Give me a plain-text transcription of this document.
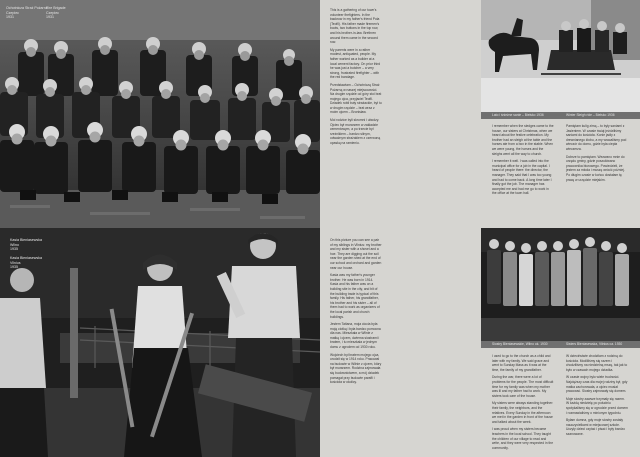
Ochotnicza Straż Pożarna
Czepiec
1931
Fire Brigade
Czepiec
1931
Kasia Bieniasewska
Wilno
1935
Kasia Bieniasewska
Vilnius
1935

This is a gathering of our town's volunteer firefighters. In the backrow in my father's friend Pola (Teofil). His father made firemen's boots, two buttons in the top row, and his brother-in-law. Brethren around them came in the second row.

My parents were in a rather modest, antiquated, people. My father worked as a builder at a local cement factory. On prior third he was just a butcher – a very strong, frustrated firefighter – with the red bandage.

Przedstawiam – Ochotniczą Straż Pożarną w naszej miejscowości. Na drugim rzędzie od góry stoi brat mojego ojca, przyjaciel Teofil. Dziadek robił buty strażackie, był tu w drugim rzędzie – brat wraz z moim ojcem – Bronisław.

Moi rodzice byli skromni i ubodzy. Ojciec był murarzem w zakładzie cementowym, a po trzecie był rzeźnikiem – bardzo silnym, odważnym strażakiem z czerwoną opaską na ramieniu.

On this picture you can see a pair of my siblings in Vilnius: my brother and my sister with a shovel and a hoe. They are digging out the soil near the garden shed at the end of our school and orchard and garden near our house.

Kasia was my father's younger brother. He was born in 1914. Kasia and his father was on a building site in the city, and bit of the building trade is typical of this family. His father, his grandfather, his brother and his sister – all of them had to work as organizers of the local parish and church buildings.

Jestem Tatiana, moja ciocia była moją ciotką i była bardzo pomocna dla nas. Mieszkała w Wilnie z matką i ojcem, dwiema siostrami i bratem, i tu mieszkała w jednym domu z ogrodem od 1930 roku.

Wojciech był bratem mojego ojca, urodził się w 1914 roku. Pracował na budowie w Wilnie z ojcem, który był murarzem. Rodzina zajmowała się budownictwem, a mój dziadek pomagał przy budowie parafii i kościoła w okolicy.

Lato i śnieżne sanie – Bielsko 1936	Winter Sleigh ride – Bielsko 1936

I remember when the sledges came to the house, our sisters at Christmas, when we heard about the festive celebration. My brother had an sleigh at the table and the horses ate from a box in the stable. When we were young, the horses and the sleighs went all the way to church.

I remember it well. I was called into the municipal office for a job in the capital. I heard of people there: the director, the manager. They said that I was too young and had to come back. A long time later I finally got the job. The manager has accepted me and had me go to work in the office at the town hall.

Pamiętam kulig zimą – to były saniami z Jasieniem. W czasie świąt jeździliśmy saniami do kościoła. Konie jadły z drewnianego żłobu, a my wracaliśmy pod wieczór do domu, gdzie była ciepła wieczerza.

Dobrze to pamiętam. Wezwano mnie do urzędu gminy, gdzie poszukiwano pracownika biurowego. Powiedzieli, że jestem za młoda i muszę wrócić później. Po długim czasie w końcu dostałam tę pracę w urzędzie miejskim.

Siostry Bieniasewskie, Wilno ok. 1930	Sisters Bieniasewska, Vilnius ca. 1930

I used to go to the church as a child and later with my family. We said grace and went to Sunday Mass as it was at the time, the family of my grandfather.

During the war, there were a lot of problems for the people. The most difficult time for my family was when my mother was ill and my father had to work. My sisters took care of the house.

My sisters were always standing together: their family, the neighbors, and the relatives. Every Sunday in the afternoon we met in the garden in front of the house and talked about the week.

I was proud when my sisters became teachers in the local school. They taught the children of our village to read and write, and they were very respected in the community.

W dzieciństwie chodziłam z rodziną do kościoła. Modliliśmy się razem i chodziliśmy na niedzielną mszę, tak jak to było w czasach mojego dziadka.

W czasie wojny było wiele trudności. Najcięższy czas dla mojej rodziny był, gdy matka zachorowała, a ojciec musiał pracować. Siostry zajmowały się domem.

Moje siostry zawsze trzymały się razem. W każdą niedzielę po południu spotykaliśmy się w ogrodzie przed domem i rozmawialiśmy o minionym tygodniu.

Byłam dumna, gdy moje siostry zostały nauczycielkami w miejscowej szkole. Uczyły dzieci czytać i pisać i były bardzo szanowane.
